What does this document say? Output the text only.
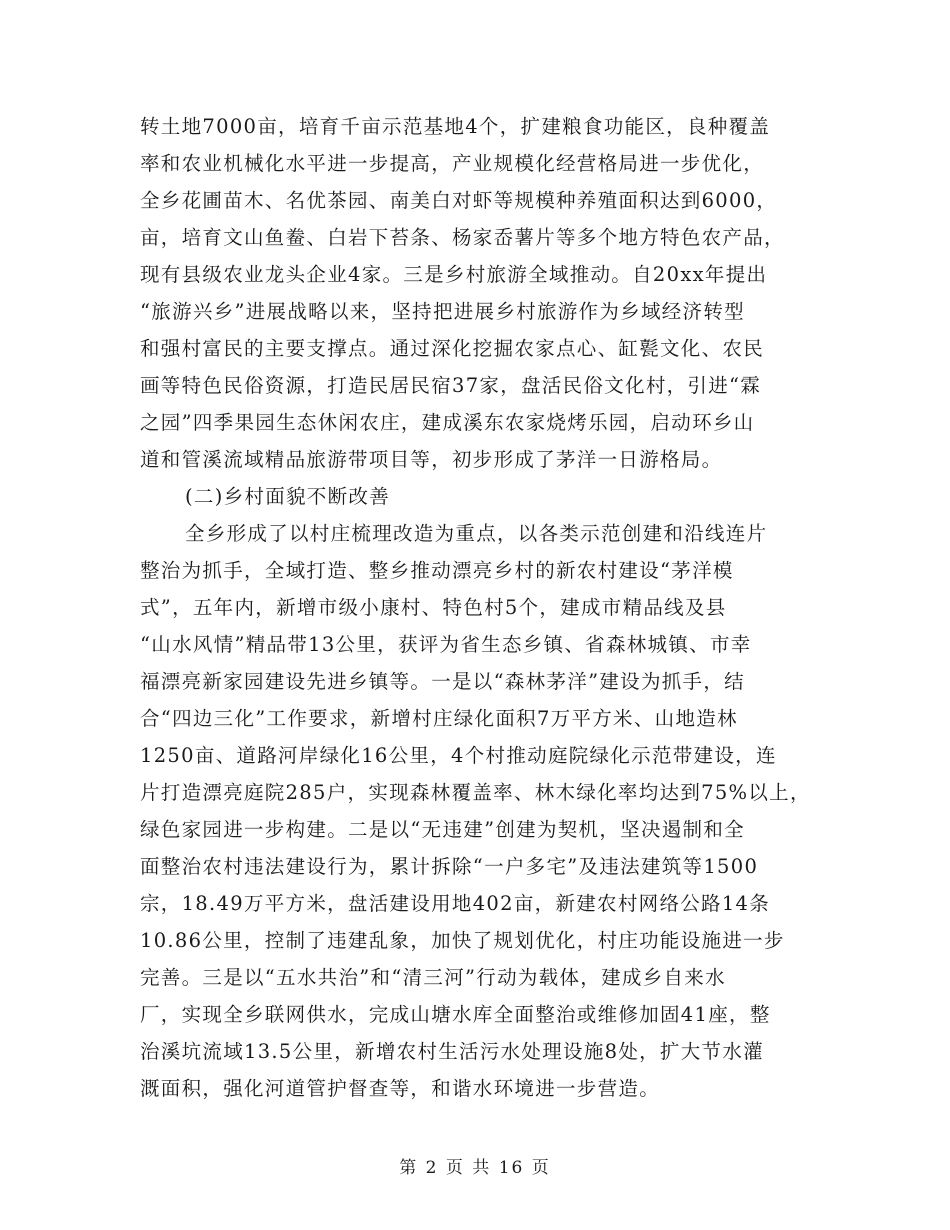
转土地7000亩，培育千亩示范基地4个，扩建粮食功能区，良种覆盖
率和农业机械化水平进一步提高，产业规模化经营格局进一步优化，
全乡花圃苗木、名优茶园、南美白对虾等规模种养殖面积达到6000，
亩，培育文山鱼鲞、白岩下苔条、杨家岙薯片等多个地方特色农产品，
现有县级农业龙头企业4家。三是乡村旅游全域推动。自20xx年提出
“旅游兴乡”进展战略以来，坚持把进展乡村旅游作为乡域经济转型
和强村富民的主要支撑点。通过深化挖掘农家点心、缸甏文化、农民
画等特色民俗资源，打造民居民宿37家，盘活民俗文化村，引进“霖
之园”四季果园生态休闲农庄，建成溪东农家烧烤乐园，启动环乡山
道和管溪流域精品旅游带项目等，初步形成了茅洋一日游格局。
(二)乡村面貌不断改善
全乡形成了以村庄梳理改造为重点，以各类示范创建和沿线连片
整治为抓手，全域打造、整乡推动漂亮乡村的新农村建设“茅洋模
式”，五年内，新增市级小康村、特色村5个，建成市精品线及县
“山水风情”精品带13公里，获评为省生态乡镇、省森林城镇、市幸
福漂亮新家园建设先进乡镇等。一是以“森林茅洋”建设为抓手，结
合“四边三化”工作要求，新增村庄绿化面积7万平方米、山地造林
1250亩、道路河岸绿化16公里，4个村推动庭院绿化示范带建设，连
片打造漂亮庭院285户，实现森林覆盖率、林木绿化率均达到75%以上，
绿色家园进一步构建。二是以“无违建”创建为契机，坚决遏制和全
面整治农村违法建设行为，累计拆除“一户多宅”及违法建筑等1500
宗，18.49万平方米，盘活建设用地402亩，新建农村网络公路14条
10.86公里，控制了违建乱象，加快了规划优化，村庄功能设施进一步
完善。三是以“五水共治”和“清三河”行动为载体，建成乡自来水
厂，实现全乡联网供水，完成山塘水库全面整治或维修加固41座，整
治溪坑流域13.5公里，新增农村生活污水处理设施8处，扩大节水灌
溉面积，强化河道管护督查等，和谐水环境进一步营造。
第 2 页 共 16 页
